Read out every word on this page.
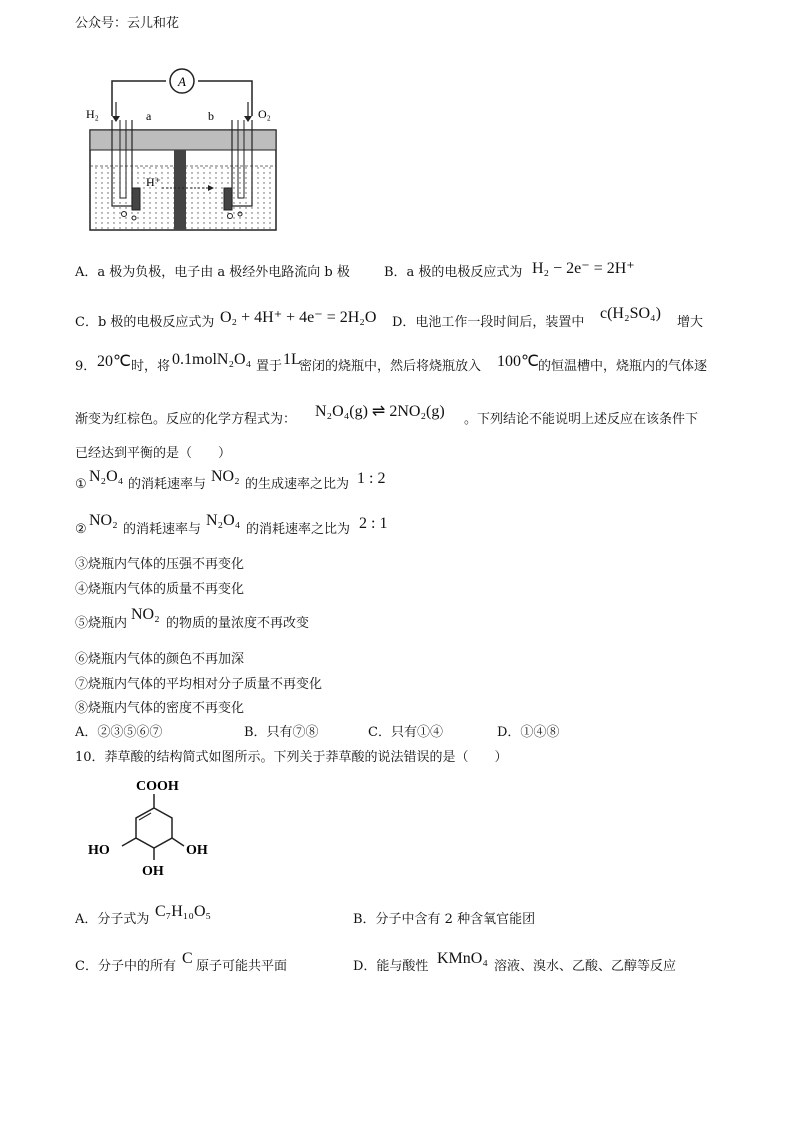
公众号：云儿和花
A
H₂	O₂
a	b
H⁺
A．a 极为负极，电子由 a 极经外电路流向 b 极	B．a 极的电极反应式为 H₂ − 2e⁻ = 2H⁺
C．b 极的电极反应式为 O₂ + 4H⁺ + 4e⁻ = 2H₂O D．电池工作一段时间后，装置中
c(H₂SO₄)
增大
9． 20℃ 时，将 0.1molN₂O₄ 置于 1L
密闭的烧瓶中，然后将烧瓶放入 100℃ 的恒温槽中，烧瓶内的气体逐
渐变为红棕色。反应的化学方程式为： N₂O₄(g) ⇌ 2NO₂(g) 。下列结论不能说明上述反应在该条件下
已经达到平衡的是（　　）
① N₂O₄ 的消耗速率与 NO₂ 的生成速率之比为 1 : 2
②
NO₂
的消耗速率与
N₂O₄
的消耗速率之比为 2 : 1
③烧瓶内气体的压强不再变化
④烧瓶内气体的质量不再变化
⑤烧瓶内
NO₂
的物质的量浓度不再改变
⑥烧瓶内气体的颜色不再加深
⑦烧瓶内气体的平均相对分子质量不再变化
⑧烧瓶内气体的密度不再变化
A．②③⑤⑥⑦	B．只有⑦⑧	C．只有①④	D．①④⑧
10．莽草酸的结构简式如图所示。下列关于莽草酸的说法错误的是（　　）
COOH
HO	OH
OH
A．分子式为 C₇H₁₀O₅	B．分子中含有 2 种含氧官能团
C．分子中的所有 C 原子可能共平面	D．能与酸性 KMnO₄ 溶液、溴水、乙酸、乙醇等反应
